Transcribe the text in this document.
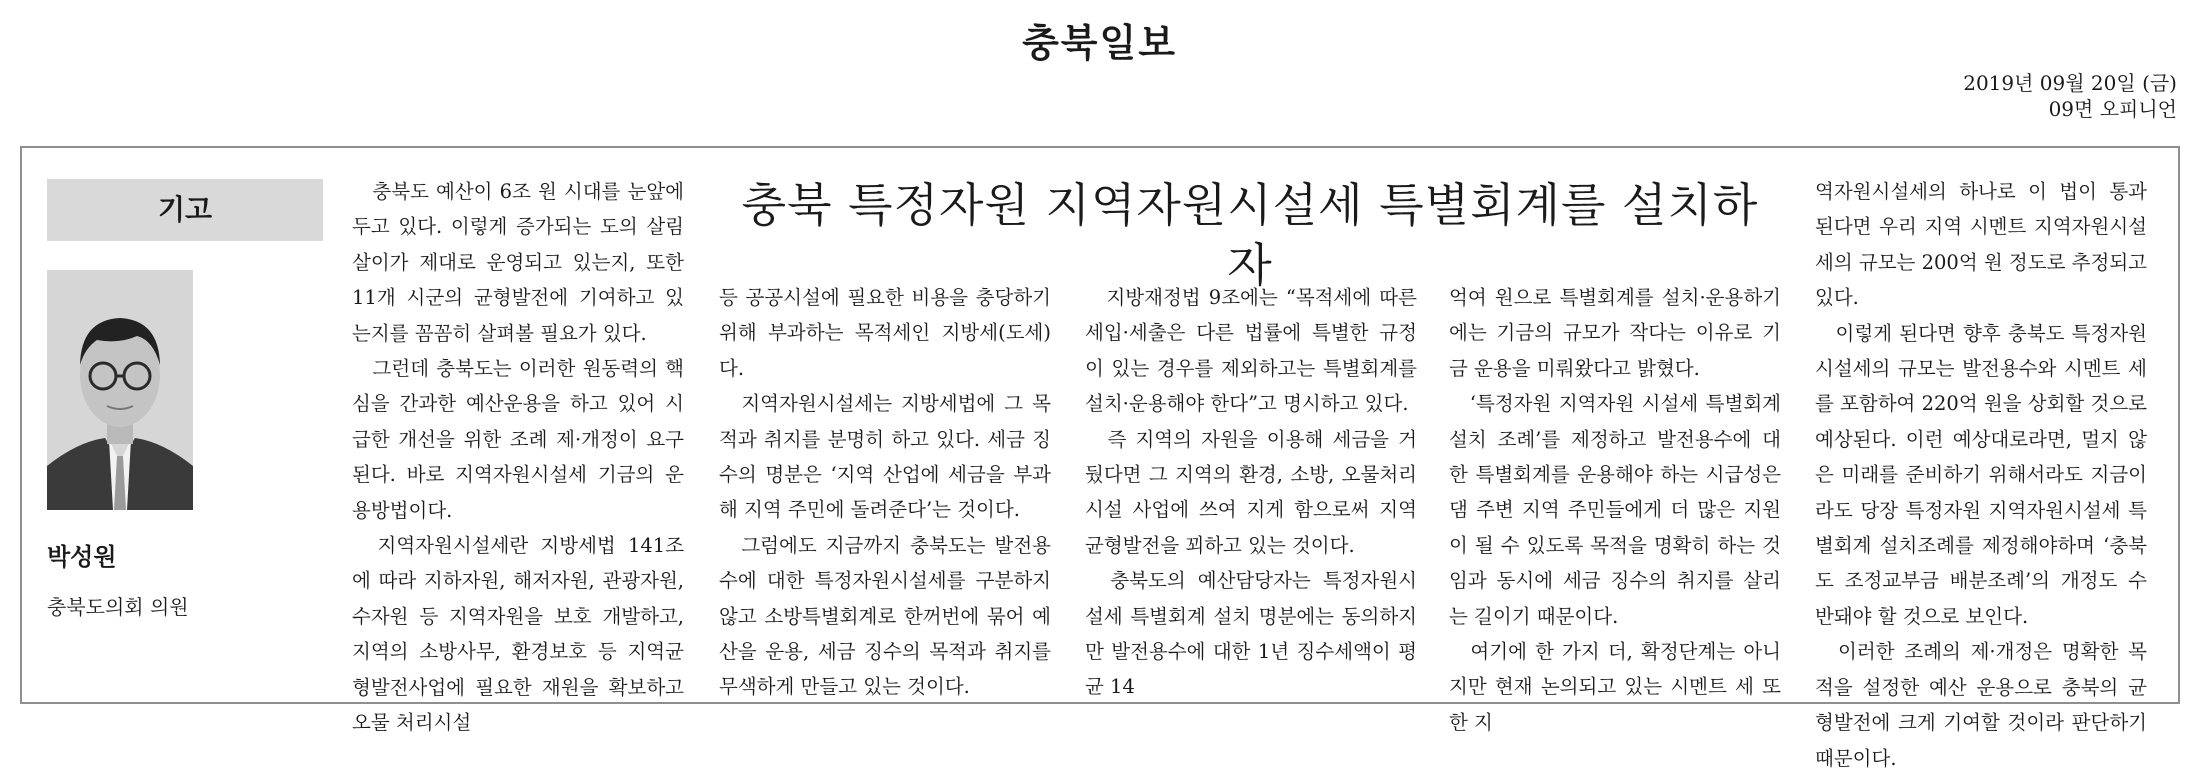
충북일보
2019년 09월 20일 (금)
09면 오피니언
기고
박성원
충북도의회 의원
충북 특정자원 지역자원시설세 특별회계를 설치하자
　충북도 예산이 6조 원 시대를 눈앞에 두고 있다. 이렇게 증가되는 도의 살림살이가 제대로 운영되고 있는지, 또한 11개 시군의 균형발전에 기여하고 있는지를 꼼꼼히 살펴볼 필요가 있다.
　그런데 충북도는 이러한 원동력의 핵심을 간과한 예산운용을 하고 있어 시급한 개선을 위한 조례 제·개정이 요구된다. 바로 지역자원시설세 기금의 운용방법이다.
　지역자원시설세란 지방세법 141조에 따라 지하자원, 해저자원, 관광자원, 수자원 등 지역자원을 보호 개발하고, 지역의 소방사무, 환경보호 등 지역균형발전사업에 필요한 재원을 확보하고 오물 처리시설
등 공공시설에 필요한 비용을 충당하기 위해 부과하는 목적세인 지방세(도세)다.
　지역자원시설세는 지방세법에 그 목적과 취지를 분명히 하고 있다. 세금 징수의 명분은 ‘지역 산업에 세금을 부과해 지역 주민에 돌려준다’는 것이다.
　그럼에도 지금까지 충북도는 발전용수에 대한 특정자원시설세를 구분하지 않고 소방특별회계로 한꺼번에 묶어 예산을 운용, 세금 징수의 목적과 취지를 무색하게 만들고 있는 것이다.
　지방재정법 9조에는 “목적세에 따른 세입·세출은 다른 법률에 특별한 규정이 있는 경우를 제외하고는 특별회계를 설치·운용해야 한다”고 명시하고 있다.
　즉 지역의 자원을 이용해 세금을 거뒀다면 그 지역의 환경, 소방, 오물처리시설 사업에 쓰여 지게 함으로써 지역균형발전을 꾀하고 있는 것이다.
　충북도의 예산담당자는 특정자원시설세 특별회계 설치 명분에는 동의하지만 발전용수에 대한 1년 징수세액이 평균 14
억여 원으로 특별회계를 설치·운용하기에는 기금의 규모가 작다는 이유로 기금 운용을 미뤄왔다고 밝혔다.
　‘특정자원 지역자원 시설세 특별회계 설치 조례’를 제정하고 발전용수에 대한 특별회계를 운용해야 하는 시급성은 댐 주변 지역 주민들에게 더 많은 지원이 될 수 있도록 목적을 명확히 하는 것임과 동시에 세금 징수의 취지를 살리는 길이기 때문이다.
　여기에 한 가지 더, 확정단계는 아니지만 현재 논의되고 있는 시멘트 세 또한 지
역자원시설세의 하나로 이 법이 통과 된다면 우리 지역 시멘트 지역자원시설세의 규모는 200억 원 정도로 추정되고 있다.
　이렇게 된다면 향후 충북도 특정자원 시설세의 규모는 발전용수와 시멘트 세를 포함하여 220억 원을 상회할 것으로 예상된다. 이런 예상대로라면, 멀지 않은 미래를 준비하기 위해서라도 지금이라도 당장 특정자원 지역자원시설세 특별회계 설치조례를 제정해야하며 ‘충북도 조정교부금 배분조례’의 개정도 수반돼야 할 것으로 보인다.
　이러한 조례의 제·개정은 명확한 목적을 설정한 예산 운용으로 충북의 균형발전에 크게 기여할 것이라 판단하기 때문이다.
